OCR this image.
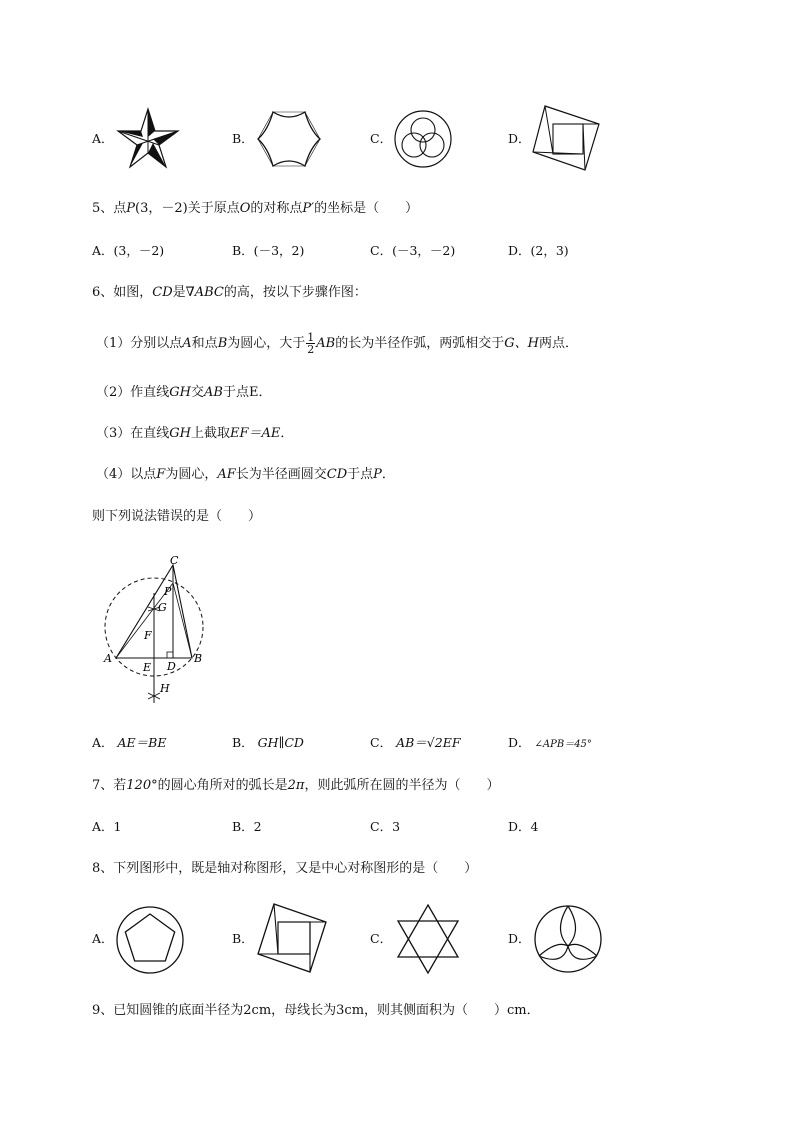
A．	B．	C．	D．
5、点P(3，－2)关于原点O的对称点P′的坐标是（　　）
A．(3，－2)	B．(－3，2)	C．(－3，－2)	D．(2，3)
6、如图，CD是∇ABC的高，按以下步骤作图：
（1）分别以点A和点B为圆心，大于 $\frac{1}{2}$ AB的长为半径作弧，两弧相交于G、H两点．
（2）作直线GH交AB于点E．
（3）在直线GH上截取EF＝AE．
（4）以点F为圆心，AF长为半径画圆交CD于点P．
则下列说法错误的是（　　）
C
P
G
F
A
E D
B
H
A． AE＝BE	B． GH∥CD	C． AB＝√2EF	D． ∠APB＝45°
7、若120°的圆心角所对的弧长是2π，则此弧所在圆的半径为（　　）
A．1	B．2	C．3	D．4
8、下列图形中，既是轴对称图形，又是中心对称图形的是（　　）
A．	B．	C．	D．
9、已知圆锥的底面半径为2cm，母线长为3cm，则其侧面积为（　　）cm．
